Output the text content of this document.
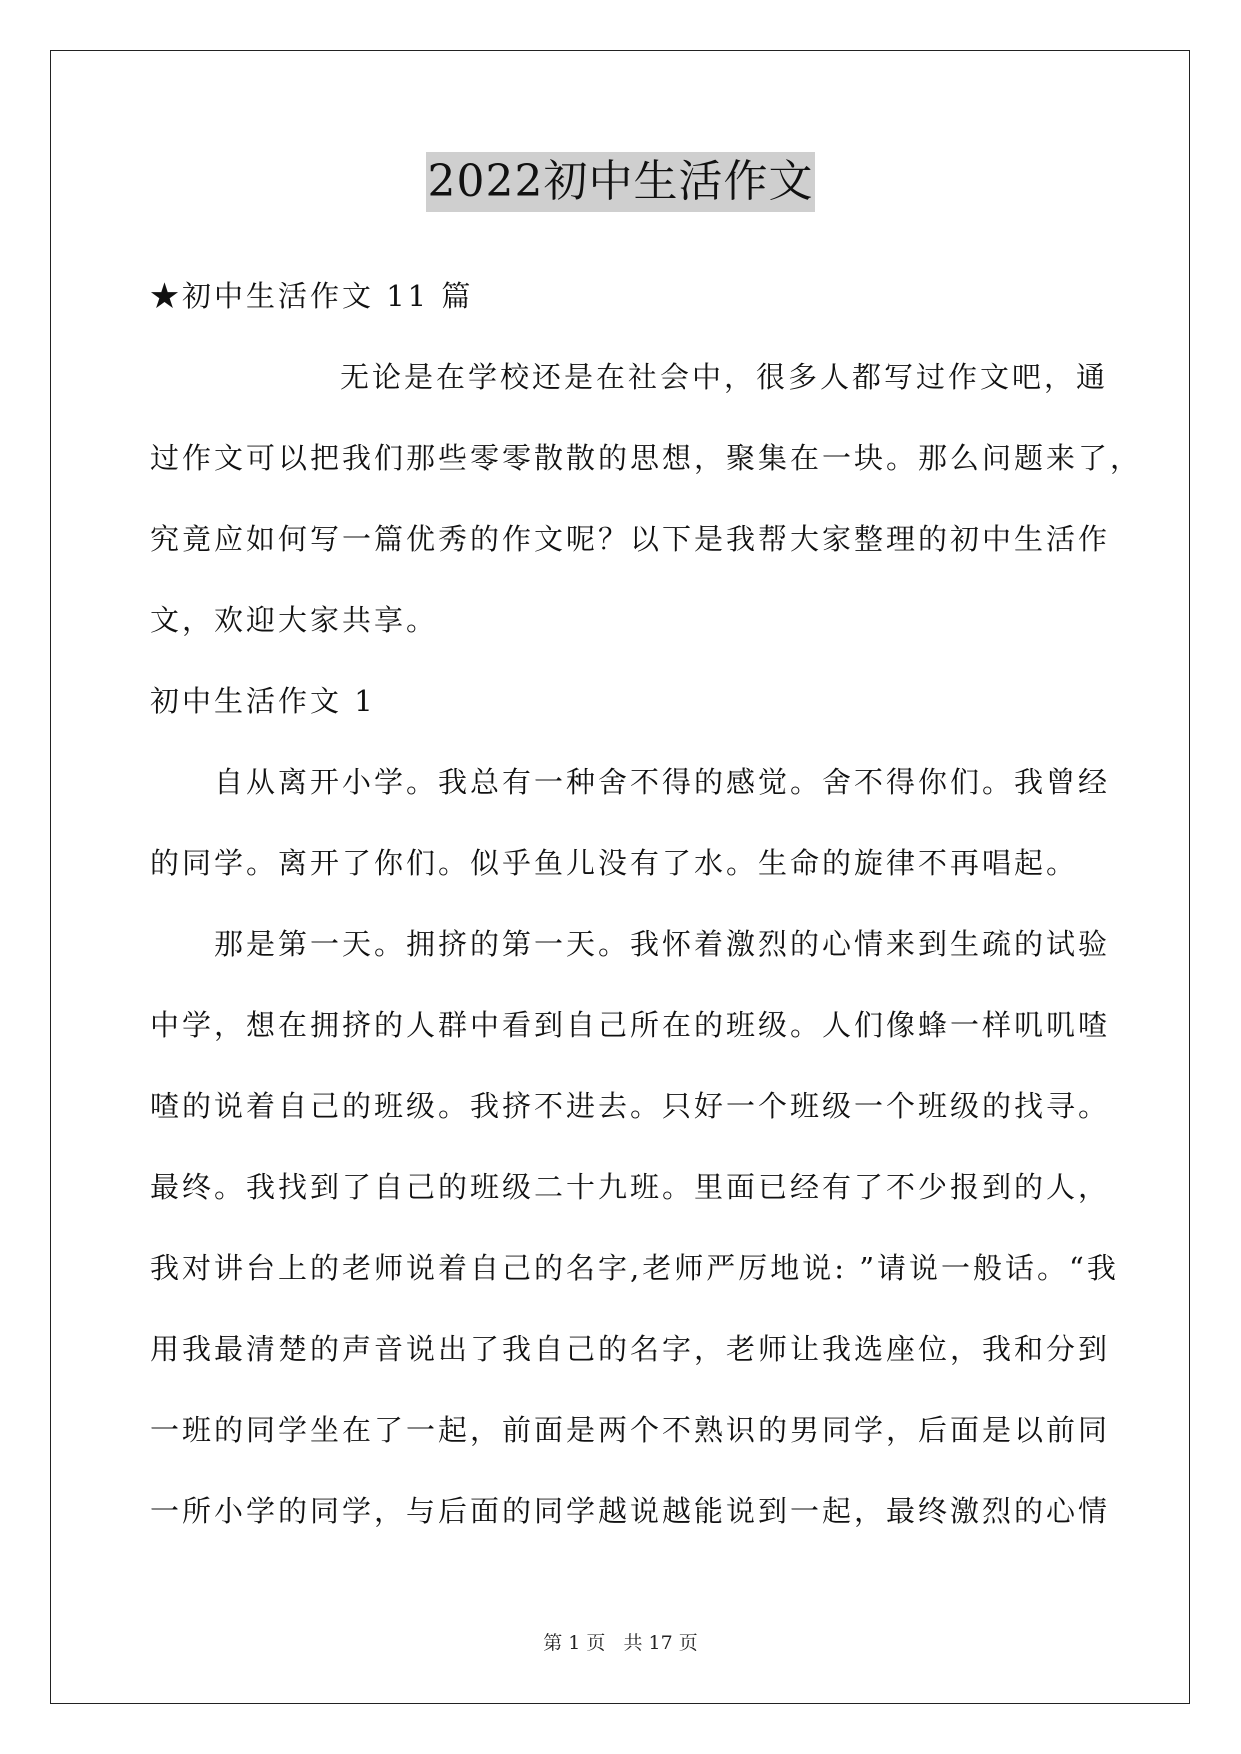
2022初中生活作文
★初中生活作文 11 篇
无论是在学校还是在社会中，很多人都写过作文吧，通
过作文可以把我们那些零零散散的思想，聚集在一块。那么问题来了，
究竟应如何写一篇优秀的作文呢？以下是我帮大家整理的初中生活作
文，欢迎大家共享。
初中生活作文 1
自从离开小学。我总有一种舍不得的感觉。舍不得你们。我曾经
的同学。离开了你们。似乎鱼儿没有了水。生命的旋律不再唱起。
那是第一天。拥挤的第一天。我怀着激烈的心情来到生疏的试验
中学，想在拥挤的人群中看到自己所在的班级。人们像蜂一样叽叽喳
喳的说着自己的班级。我挤不进去。只好一个班级一个班级的找寻。
最终。我找到了自己的班级二十九班。里面已经有了不少报到的人，
我对讲台上的老师说着自己的名字,老师严厉地说: ”请说一般话。“我
用我最清楚的声音说出了我自己的名字，老师让我选座位，我和分到
一班的同学坐在了一起，前面是两个不熟识的男同学，后面是以前同
一所小学的同学，与后面的同学越说越能说到一起，最终激烈的心情
第 1 页 共 17 页
